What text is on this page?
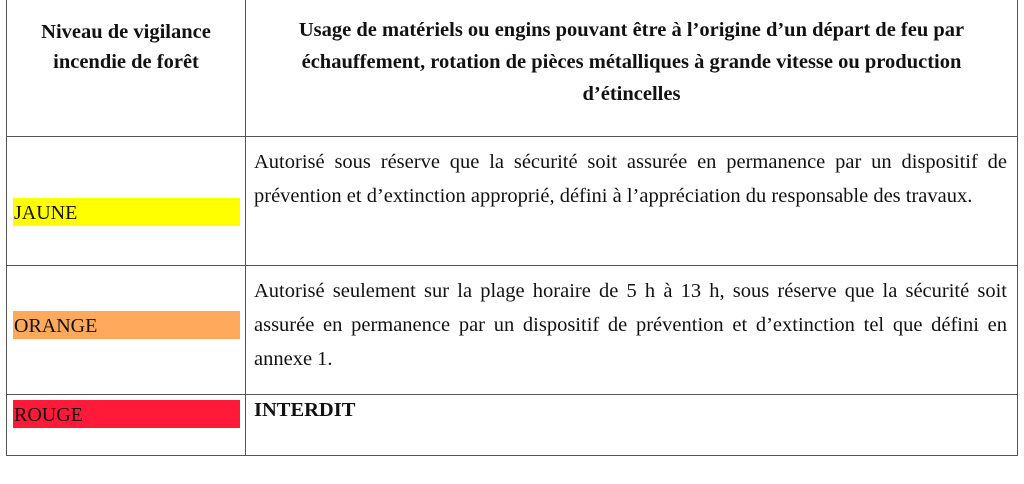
Niveau de vigilance incendie de forêt
Usage de matériels ou engins pouvant être à l’origine d’un départ de feu par échauffement, rotation de pièces métalliques à grande vitesse ou production d’étincelles
JAUNE
Autorisé sous réserve que la sécurité soit assurée en permanence par un dispositif de prévention et d’extinction approprié, défini à l’appréciation du responsable des travaux.
ORANGE
Autorisé seulement sur la plage horaire de 5 h à 13 h, sous réserve que la sécurité soit assurée en permanence par un dispositif de prévention et d’extinction tel que défini en annexe 1.
ROUGE	INTERDIT
